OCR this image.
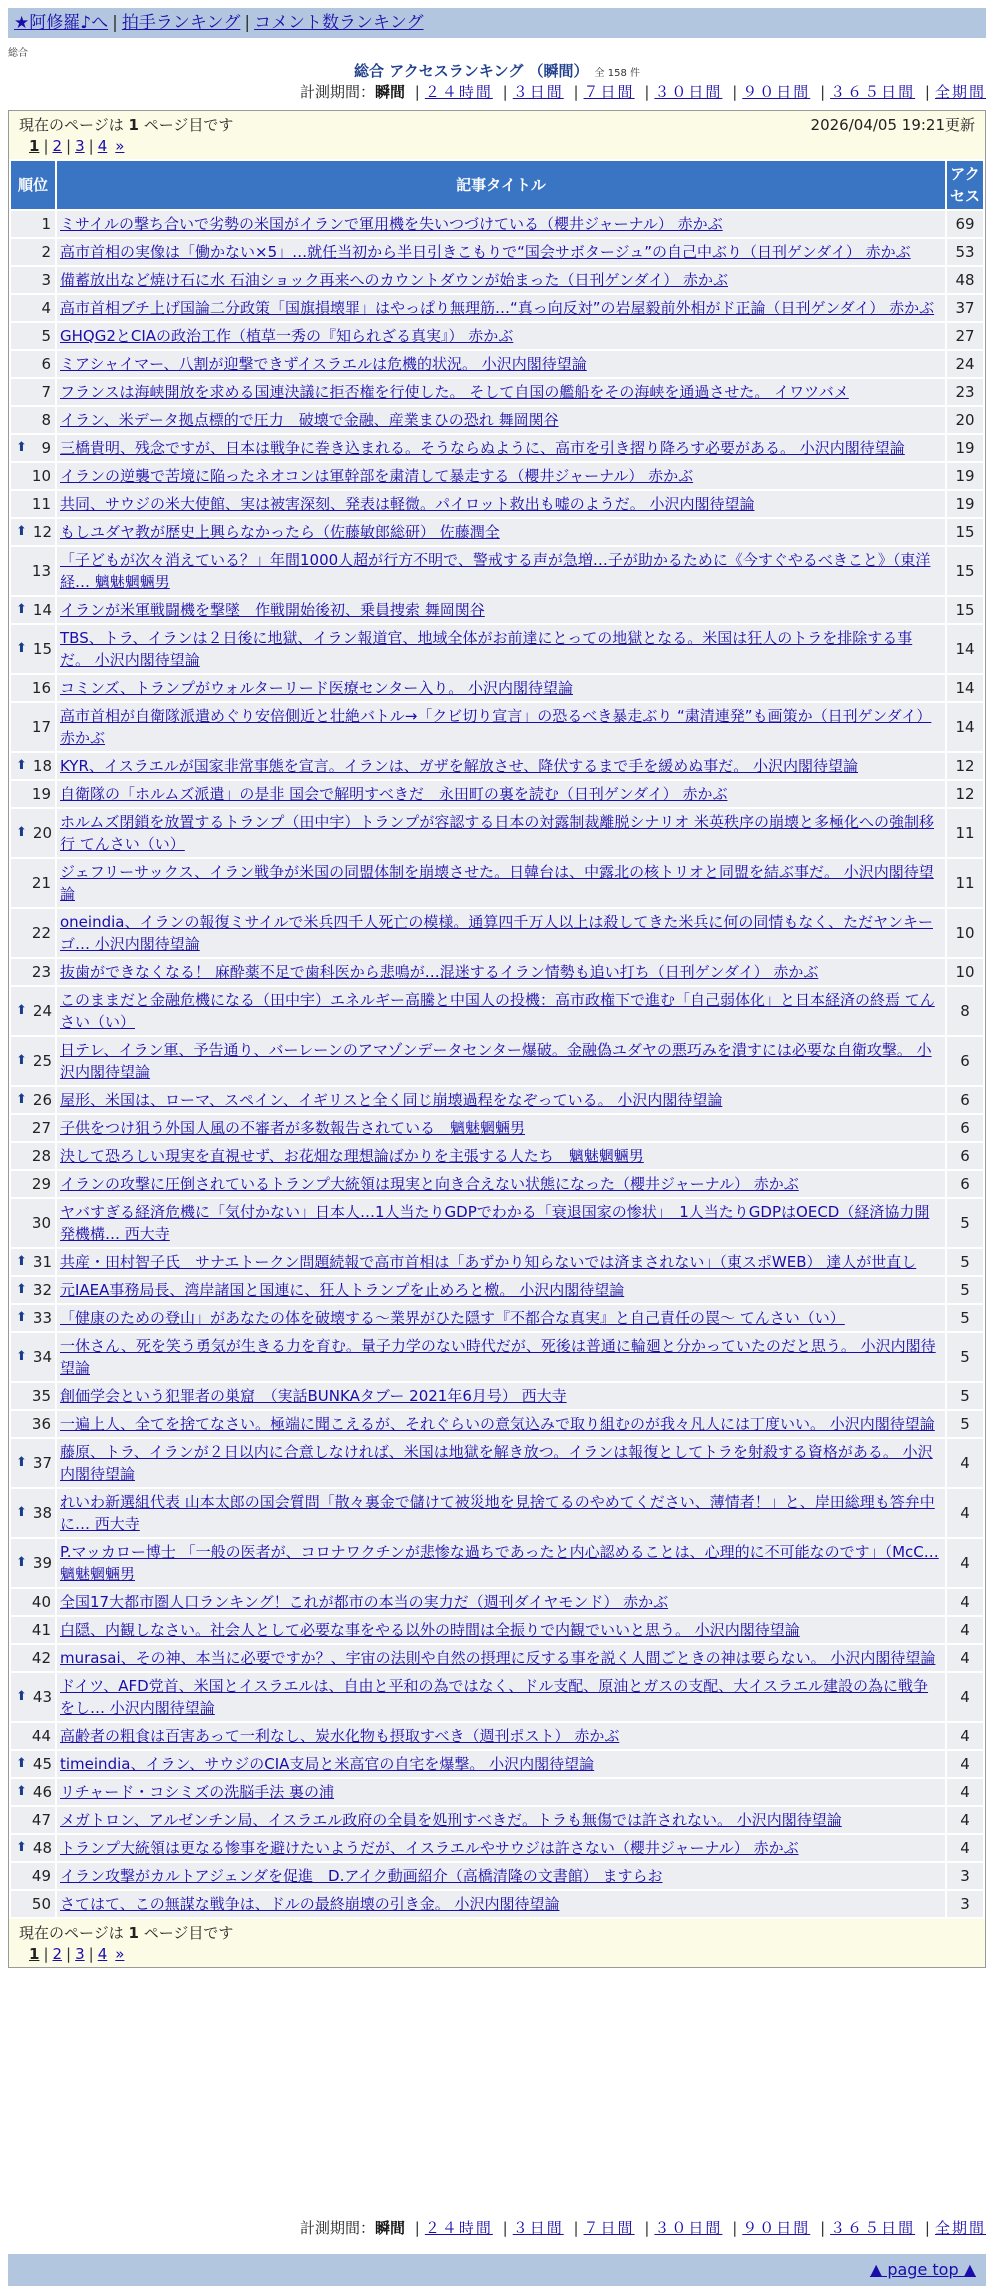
★阿修羅♪へ | 拍手ランキング | コメント数ランキング
総合
総合 アクセスランキング （瞬間） 全 158 件
計測期間：瞬間 | ２４時間 | ３日間 | ７日間 | ３０日間 | ９０日間 | ３６５日間 | 全期間
現在のページは 1 ページ目です	2026/04/05 19:21更新
1 | 2 | 3 | 4 »
順位	記事タイトル	アクセス
1	ミサイルの撃ち合いで劣勢の米国がイランで軍用機を失いつづけている（櫻井ジャーナル） 赤かぶ	69
2	高市首相の実像は「働かない×5」…就任当初から半日引きこもりで“国会サボタージュ”の自己中ぶり（日刊ゲンダイ） 赤かぶ	53
3	備蓄放出など焼け石に水 石油ショック再来へのカウントダウンが始まった（日刊ゲンダイ） 赤かぶ	48
4	高市首相ブチ上げ国論二分政策「国旗損壊罪」はやっぱり無理筋…“真っ向反対”の岩屋毅前外相がド正論（日刊ゲンダイ） 赤かぶ	37
5	GHQG2とCIAの政治工作（植草一秀の『知られざる真実』） 赤かぶ	27
6	ミアシャイマー、八割が迎撃できずイスラエルは危機的状況。 小沢内閣待望論	24
7	フランスは海峡開放を求める国連決議に拒否権を行使した。 そして自国の艦船をその海峡を通過させた。 イワツバメ	23
8	イラン、米データ拠点標的で圧力　破壊で金融、産業まひの恐れ 舞岡関谷	20

⬆ 9	三橋貴明、残念ですが、日本は戦争に巻き込まれる。そうならぬように、高市を引き摺り降ろす必要がある。 小沢内閣待望論	19
10	イランの逆襲で苦境に陥ったネオコンは軍幹部を粛清して暴走する（櫻井ジャーナル） 赤かぶ	19
11	共同、サウジの米大使館、実は被害深刻、発表は軽微。パイロット救出も嘘のようだ。 小沢内閣待望論	19

⬆ 12	もしユダヤ教が歴史上興らなかったら（佐藤敏郎総研） 佐藤潤全	15
13	「子どもが次々消えている？」年間1000人超が行方不明で、警戒する声が急増…子が助かるために《今すぐやるべきこと》（東洋経… 魑魅魍魎男	15

⬆ 14	イランが米軍戦闘機を撃墜　作戦開始後初、乗員捜索 舞岡関谷	15

⬆ 15	TBS、トラ、イランは２日後に地獄、イラン報道官、地域全体がお前達にとっての地獄となる。米国は狂人のトラを排除する事だ。 小沢内閣待望論	14
16	コミンズ、トランプがウォルターリード医療センター入り。 小沢内閣待望論	14
17	高市首相が自衛隊派遣めぐり安倍側近と壮絶バトル→「クビ切り宣言」の恐るべき暴走ぶり “粛清連発”も画策か（日刊ゲンダイ） 赤かぶ	14

⬆ 18	KYR、イスラエルが国家非常事態を宣言。イランは、ガザを解放させ、降伏するまで手を緩めぬ事だ。 小沢内閣待望論	12
19	自衛隊の「ホルムズ派遣」の是非 国会で解明すべきだ　永田町の裏を読む（日刊ゲンダイ） 赤かぶ	12

⬆ 20	ホルムズ閉鎖を放置するトランプ（田中宇）トランプが容認する日本の対露制裁離脱シナリオ 米英秩序の崩壊と多極化への強制移行 てんさい（い）	11
21	ジェフリーサックス、イラン戦争が米国の同盟体制を崩壊させた。日韓台は、中露北の核トリオと同盟を結ぶ事だ。 小沢内閣待望論	11
22	oneindia、イランの報復ミサイルで米兵四千人死亡の模様。通算四千万人以上は殺してきた米兵に何の同情もなく、ただヤンキーゴ… 小沢内閣待望論	10
23	抜歯ができなくなる！ 麻酔薬不足で歯科医から悲鳴が…混迷するイラン情勢も追い打ち（日刊ゲンダイ） 赤かぶ	10

⬆ 24	このままだと金融危機になる（田中宇）エネルギー高騰と中国人の投機：高市政権下で進む「自己弱体化」と日本経済の終焉 てんさい（い）	8

⬆ 25	日テレ、イラン軍、予告通り、バーレーンのアマゾンデータセンター爆破。金融偽ユダヤの悪巧みを潰すには必要な自衛攻撃。 小沢内閣待望論	6

⬆ 26	屋形、米国は、ローマ、スペイン、イギリスと全く同じ崩壊過程をなぞっている。 小沢内閣待望論	6
27	子供をつけ狙う外国人風の不審者が多数報告されている　魑魅魍魎男	6
28	決して恐ろしい現実を直視せず、お花畑な理想論ばかりを主張する人たち　魑魅魍魎男	6
29	イランの攻撃に圧倒されているトランプ大統領は現実と向き合えない状態になった（櫻井ジャーナル） 赤かぶ	6
30	ヤバすぎる経済危機に「気付かない」日本人…1人当たりGDPでわかる「衰退国家の惨状」　1人当たりGDPはOECD（経済協力開発機構… 西大寺	5

⬆ 31	共産・田村智子氏　サナエトークン問題続報で高市首相は「あずかり知らないでは済まされない」（東スポWEB） 達人が世直し	5

⬆ 32	元IAEA事務局長、湾岸諸国と国連に、狂人トランプを止めろと檄。 小沢内閣待望論	5

⬆ 33	「健康のための登山」があなたの体を破壊する〜業界がひた隠す『不都合な真実』と自己責任の罠〜 てんさい（い）	5

⬆ 34	一休さん、死を笑う勇気が生きる力を育む。量子力学のない時代だが、死後は普通に輪廻と分かっていたのだと思う。 小沢内閣待望論	5
35	創価学会という犯罪者の巣窟　（実話BUNKAタブー 2021年6月号） 西大寺	5
36	一遍上人、全てを捨てなさい。極端に聞こえるが、それぐらいの意気込みで取り組むのが我々凡人には丁度いい。 小沢内閣待望論	5

⬆ 37	藤原、トラ、イランが２日以内に合意しなければ、米国は地獄を解き放つ。イランは報復としてトラを射殺する資格がある。 小沢内閣待望論	4

⬆ 38	れいわ新選組代表 山本太郎の国会質問「散々裏金で儲けて被災地を見捨てるのやめてください、薄情者！」と、岸田総理も答弁中に… 西大寺	4

⬆ 39	P.マッカロー博士 「一般の医者が、コロナワクチンが悲惨な過ちであったと内心認めることは、心理的に不可能なのです」（McC… 魑魅魍魎男	4
40	全国17大都市圏人口ランキング！これが都市の本当の実力だ（週刊ダイヤモンド） 赤かぶ	4
41	白隠、内観しなさい。社会人として必要な事をやる以外の時間は全振りで内観でいいと思う。 小沢内閣待望論	4
42	murasai、その神、本当に必要ですか？、宇宙の法則や自然の摂理に反する事を説く人間ごときの神は要らない。 小沢内閣待望論	4

⬆ 43	ドイツ、AFD党首、米国とイスラエルは、自由と平和の為ではなく、ドル支配、原油とガスの支配、大イスラエル建設の為に戦争をし… 小沢内閣待望論	4
44	高齢者の粗食は百害あって一利なし、炭水化物も摂取すべき（週刊ポスト） 赤かぶ	4

⬆ 45	timeindia、イラン、サウジのCIA支局と米高官の自宅を爆撃。 小沢内閣待望論	4

⬆ 46	リチャード・コシミズの洗脳手法 裏の浦	4
47	メガトロン、アルゼンチン局、イスラエル政府の全員を処刑すべきだ。トラも無傷では許されない。 小沢内閣待望論	4

⬆ 48	トランプ大統領は更なる惨事を避けたいようだが、イスラエルやサウジは許さない（櫻井ジャーナル） 赤かぶ	4
49	イラン攻撃がカルトアジェンダを促進　D.アイク動画紹介（高橋清隆の文書館） ますらお	3
50	さてはて、この無謀な戦争は、ドルの最終崩壊の引き金。 小沢内閣待望論	3
現在のページは 1 ページ目です
1 | 2 | 3 | 4 »
計測期間：瞬間 | ２４時間 | ３日間 | ７日間 | ３０日間 | ９０日間 | ３６５日間 | 全期間
▲ page top ▲
